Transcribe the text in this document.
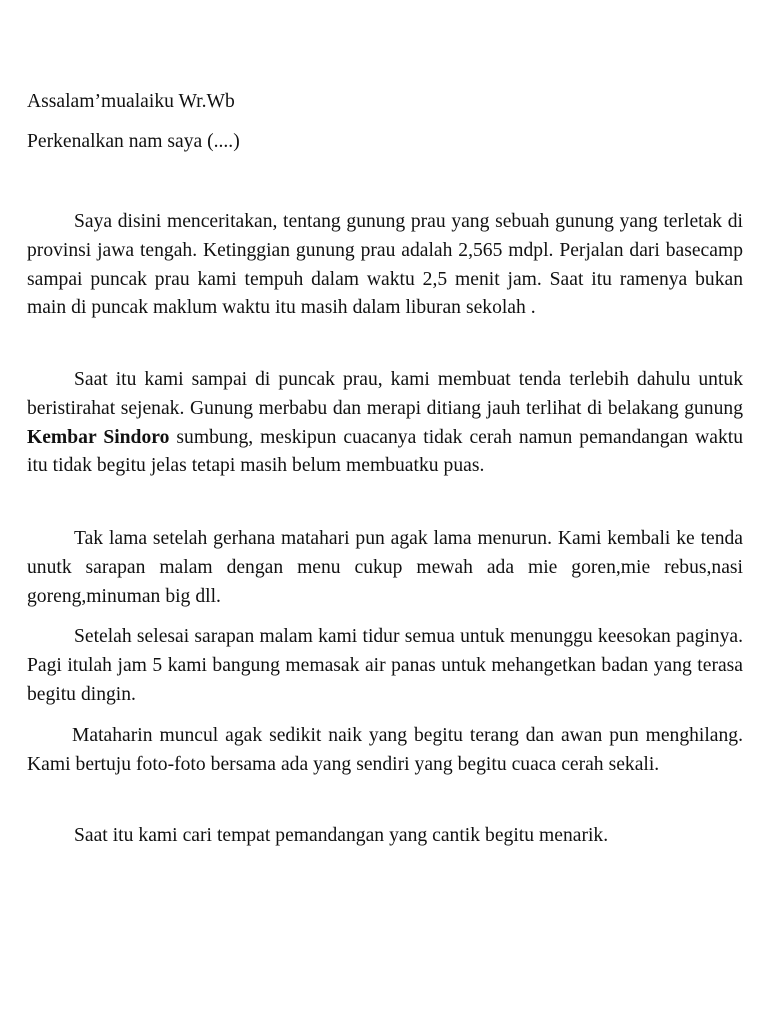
Assalam’mualaiku Wr.Wb

Perkenalkan nam saya (....)

Saya disini menceritakan, tentang gunung prau yang sebuah gunung yang terletak di provinsi jawa tengah. Ketinggian gunung prau adalah 2,565 mdpl. Perjalan dari basecamp sampai puncak prau kami tempuh dalam waktu 2,5 menit jam. Saat itu ramenya bukan main di puncak maklum waktu itu masih dalam liburan sekolah .

Saat itu kami sampai di puncak prau, kami membuat tenda terlebih dahulu untuk beristirahat sejenak. Gunung merbabu dan merapi ditiang jauh terlihat di belakang gunung Kembar Sindoro sumbung, meskipun cuacanya tidak cerah namun pemandangan waktu itu tidak begitu jelas tetapi masih belum membuatku puas.

Tak lama setelah gerhana matahari pun agak lama menurun. Kami kembali ke tenda unutk sarapan malam dengan menu cukup mewah ada mie goren,mie rebus,nasi goreng,minuman big dll.

Setelah selesai sarapan malam kami tidur semua untuk menunggu keesokan paginya. Pagi itulah jam 5 kami bangung memasak air panas untuk mehangetkan badan yang terasa begitu dingin.

Mataharin muncul agak sedikit naik yang begitu terang dan awan pun menghilang. Kami bertuju foto-foto bersama ada yang sendiri yang begitu cuaca cerah sekali.

Saat itu kami cari tempat pemandangan yang cantik begitu menarik.
